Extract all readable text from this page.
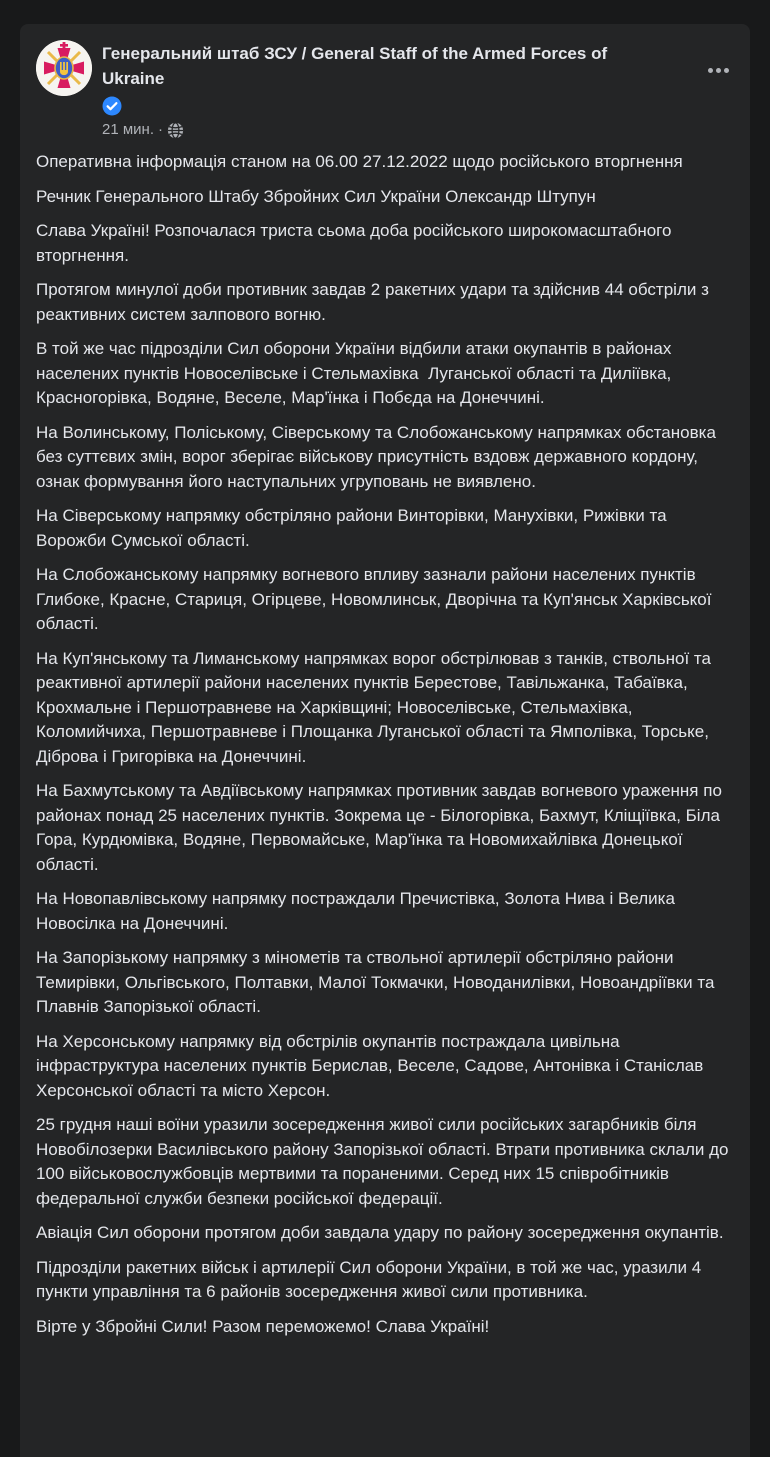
Генеральний штаб ЗСУ / General Staff of the Armed Forces of Ukraine
21 мин. ·

Оперативна інформація станом на 06.00 27.12.2022 щодо російського вторгнення

Речник Генерального Штабу Збройних Сил України Олександр Штупун

Слава Україні! Розпочалася триста сьома доба російського широкомасштабного вторгнення.

Протягом минулої доби противник завдав 2 ракетних удари та здійснив 44 обстріли з реактивних систем залпового вогню.

В той же час підрозділи Сил оборони України відбили атаки окупантів в районах населених пунктів Новоселівське і Стельмахівка  Луганської області та Диліївка, Красногорівка, Водяне, Веселе, Мар'їнка і Побєда на Донеччині.

На Волинському, Поліському, Сіверському та Слобожанському напрямках обстановка без суттєвих змін, ворог зберігає військову присутність вздовж державного кордону, ознак формування його наступальних угруповань не виявлено.

На Сіверському напрямку обстріляно райони Винторівки, Манухівки, Рижівки та Ворожби Сумської області.

На Слобожанському напрямку вогневого впливу зазнали райони населених пунктів Глибоке, Красне, Стариця, Огірцеве, Новомлинськ, Дворічна та Куп'янськ Харківської області.

На Куп'янському та Лиманському напрямках ворог обстрілював з танків, ствольної та реактивної артилерії райони населених пунктів Берестове, Тавільжанка, Табаївка, Крохмальне і Першотравневе на Харківщині; Новоселівське, Стельмахівка, Коломийчиха, Першотравневе і Площанка Луганської області та Ямполівка, Торське, Діброва і Григорівка на Донеччині.

На Бахмутському та Авдіївському напрямках противник завдав вогневого ураження по районах понад 25 населених пунктів. Зокрема це - Білогорівка, Бахмут, Кліщіївка, Біла Гора, Курдюмівка, Водяне, Первомайське, Мар'їнка та Новомихайлівка Донецької області.

На Новопавлівському напрямку постраждали Пречистівка, Золота Нива і Велика Новосілка на Донеччині.

На Запорізькому напрямку з мінометів та ствольної артилерії обстріляно райони Темирівки, Ольгівського, Полтавки, Малої Токмачки, Новоданилівки, Новоандріївки та Плавнів Запорізької області.

На Херсонському напрямку від обстрілів окупантів постраждала цивільна інфраструктура населених пунктів Берислав, Веселе, Садове, Антонівка і Станіслав Херсонської області та місто Херсон.

25 грудня наші воїни уразили зосередження живої сили російських загарбників біля Новобілозерки Василівського району Запорізької області. Втрати противника склали до 100 військовослужбовців мертвими та пораненими. Серед них 15 співробітників федеральної служби безпеки російської федерації.

Авіація Сил оборони протягом доби завдала удару по району зосередження окупантів.

Підрозділи ракетних військ і артилерії Сил оборони України, в той же час, уразили 4 пункти управління та 6 районів зосередження живої сили противника.

Вірте у Збройні Сили! Разом переможемо! Слава Україні!
